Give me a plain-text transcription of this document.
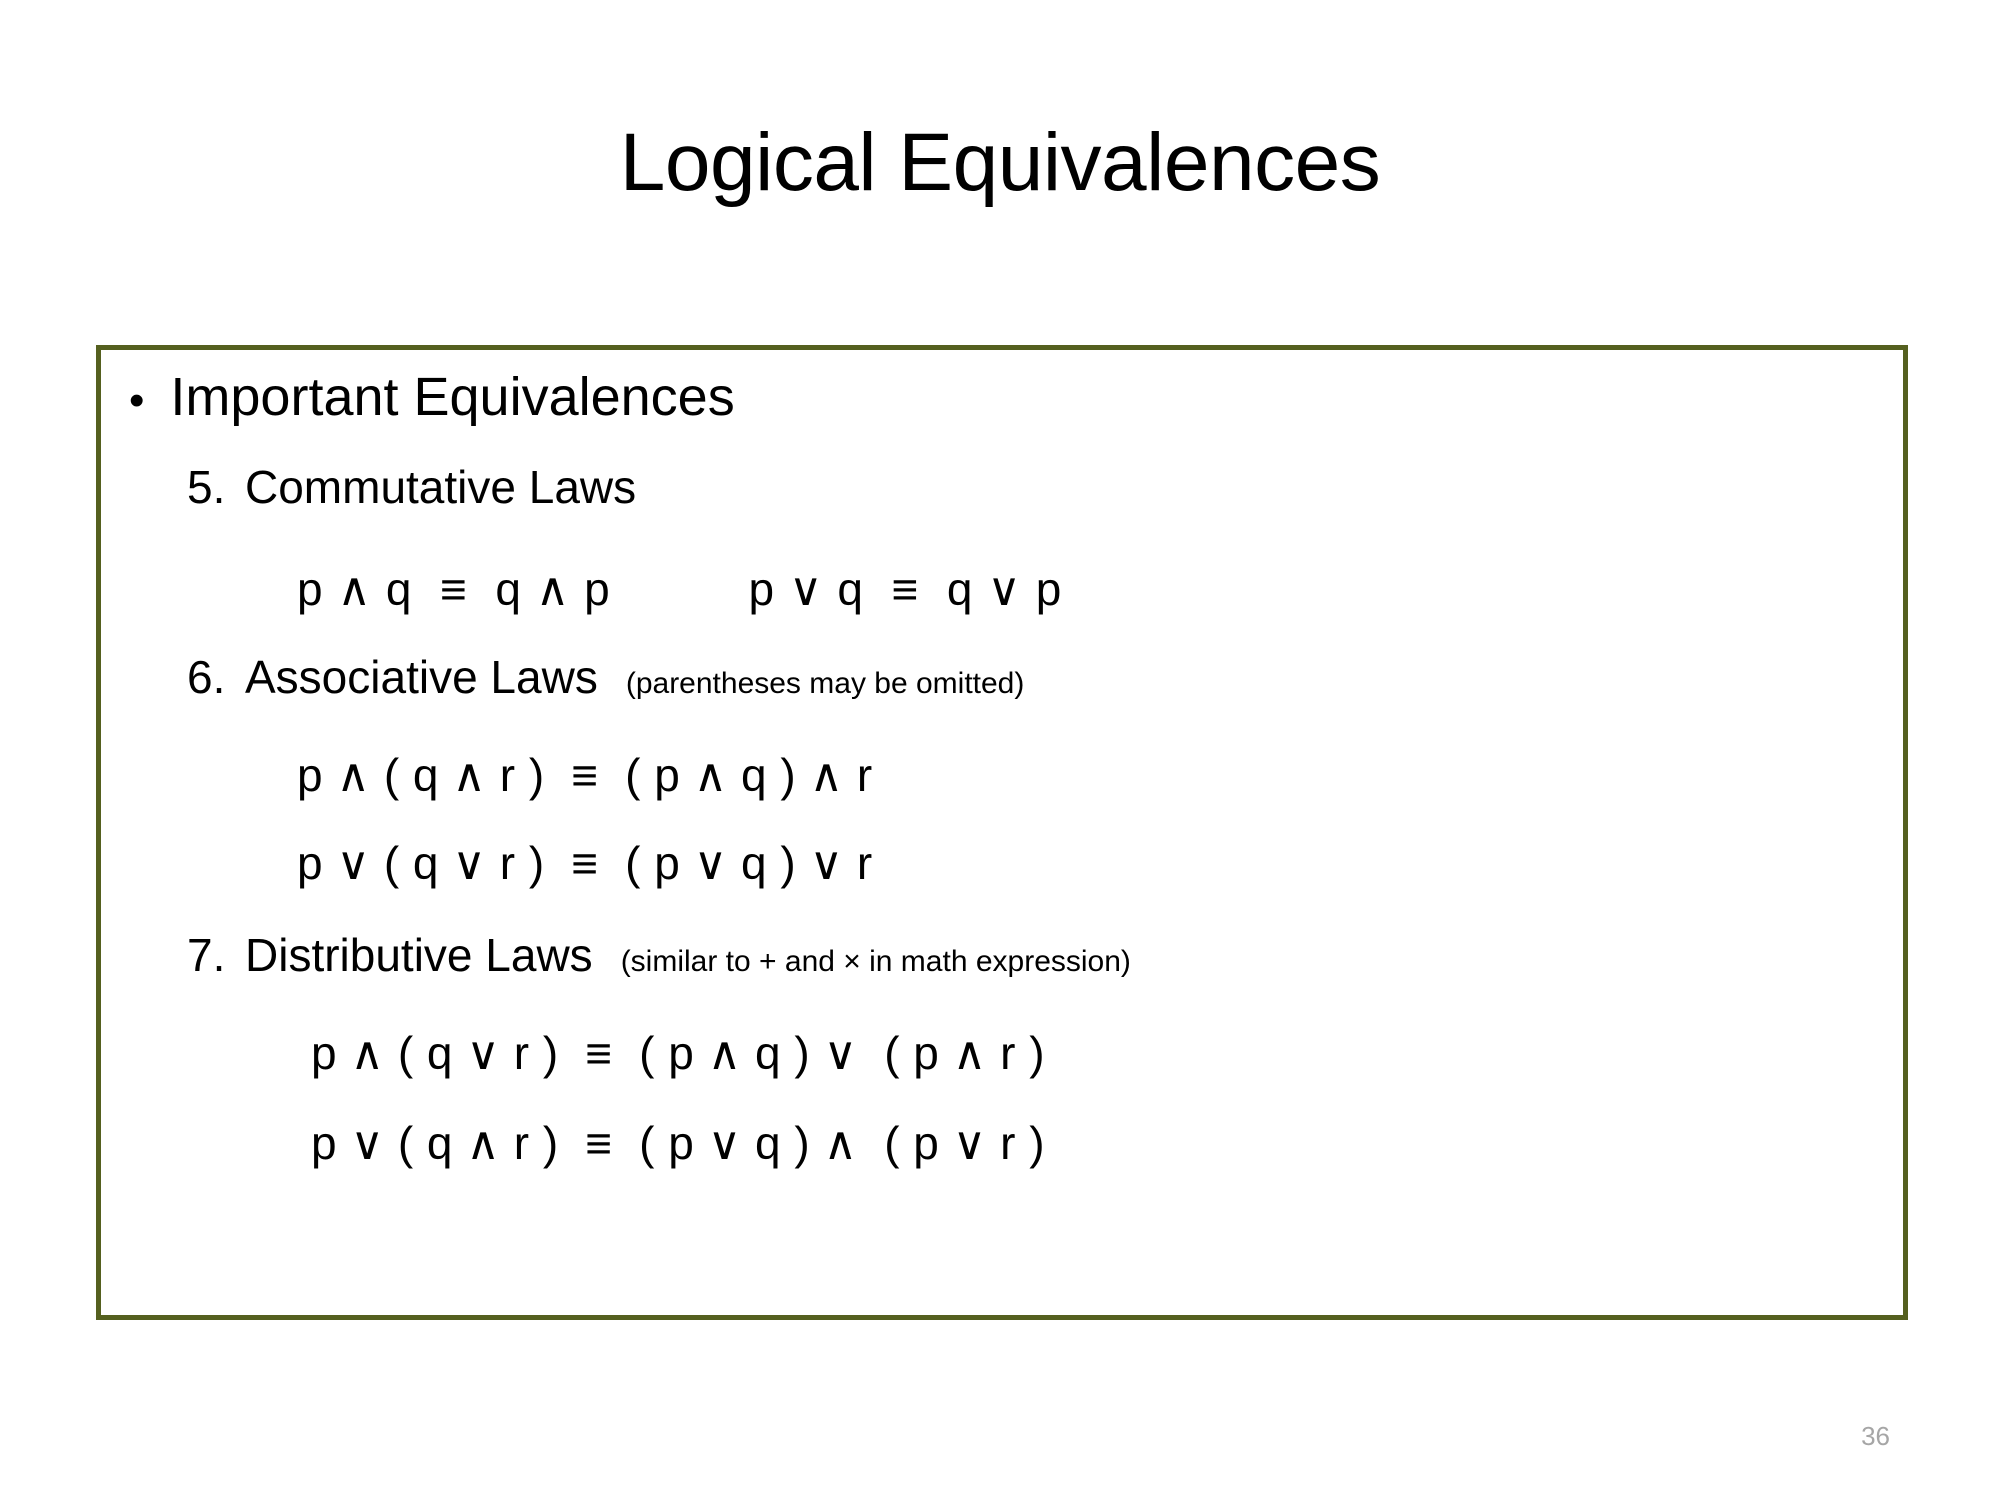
Logical Equivalences
• Important Equivalences
5. Commutative Laws
p ∧ q  ≡  q ∧ p          p ∨ q  ≡  q ∨ p
6. Associative Laws (parentheses may be omitted)
p ∧ ( q ∧ r )  ≡  ( p ∧ q ) ∧ r
p ∨ ( q ∨ r )  ≡  ( p ∨ q ) ∨ r
7. Distributive Laws (similar to + and × in math expression)
p ∧ ( q ∨ r )  ≡  ( p ∧ q ) ∨  ( p ∧ r )
p ∨ ( q ∧ r )  ≡  ( p ∨ q ) ∧  ( p ∨ r )
36
